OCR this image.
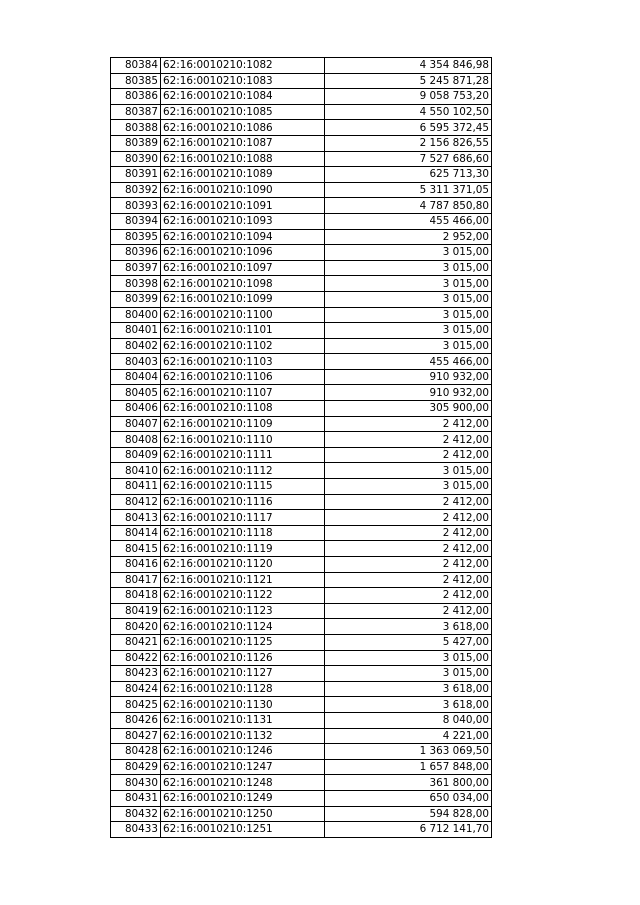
80384	62:16:0010210:1082	4 354 846,98
80385	62:16:0010210:1083	5 245 871,28
80386	62:16:0010210:1084	9 058 753,20
80387	62:16:0010210:1085	4 550 102,50
80388	62:16:0010210:1086	6 595 372,45
80389	62:16:0010210:1087	2 156 826,55
80390	62:16:0010210:1088	7 527 686,60
80391	62:16:0010210:1089	625 713,30
80392	62:16:0010210:1090	5 311 371,05
80393	62:16:0010210:1091	4 787 850,80
80394	62:16:0010210:1093	455 466,00
80395	62:16:0010210:1094	2 952,00
80396	62:16:0010210:1096	3 015,00
80397	62:16:0010210:1097	3 015,00
80398	62:16:0010210:1098	3 015,00
80399	62:16:0010210:1099	3 015,00
80400	62:16:0010210:1100	3 015,00
80401	62:16:0010210:1101	3 015,00
80402	62:16:0010210:1102	3 015,00
80403	62:16:0010210:1103	455 466,00
80404	62:16:0010210:1106	910 932,00
80405	62:16:0010210:1107	910 932,00
80406	62:16:0010210:1108	305 900,00
80407	62:16:0010210:1109	2 412,00
80408	62:16:0010210:1110	2 412,00
80409	62:16:0010210:1111	2 412,00
80410	62:16:0010210:1112	3 015,00
80411	62:16:0010210:1115	3 015,00
80412	62:16:0010210:1116	2 412,00
80413	62:16:0010210:1117	2 412,00
80414	62:16:0010210:1118	2 412,00
80415	62:16:0010210:1119	2 412,00
80416	62:16:0010210:1120	2 412,00
80417	62:16:0010210:1121	2 412,00
80418	62:16:0010210:1122	2 412,00
80419	62:16:0010210:1123	2 412,00
80420	62:16:0010210:1124	3 618,00
80421	62:16:0010210:1125	5 427,00
80422	62:16:0010210:1126	3 015,00
80423	62:16:0010210:1127	3 015,00
80424	62:16:0010210:1128	3 618,00
80425	62:16:0010210:1130	3 618,00
80426	62:16:0010210:1131	8 040,00
80427	62:16:0010210:1132	4 221,00
80428	62:16:0010210:1246	1 363 069,50
80429	62:16:0010210:1247	1 657 848,00
80430	62:16:0010210:1248	361 800,00
80431	62:16:0010210:1249	650 034,00
80432	62:16:0010210:1250	594 828,00
80433	62:16:0010210:1251	6 712 141,70
